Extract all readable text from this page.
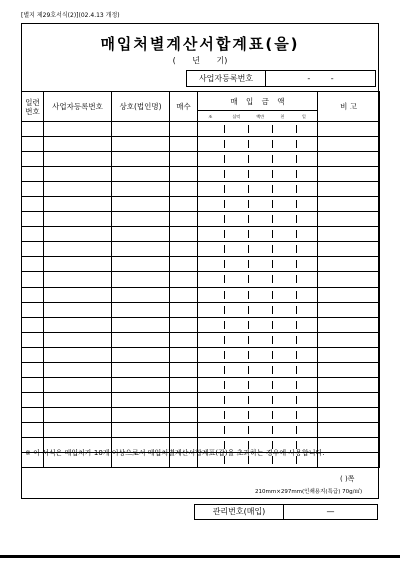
[별지 제29호서식(2)](02.4.13 개정)
매입처별계산서합계표(을)
( 년 기)
사업자등록번호	- -
일련
번호	사업자등록번호	상호(법인명)	매수	매 입 금 액	비 고

				조 십억 백만 천 일	

※ 이 서식은 매입처가 10개 이상으로서 매입처별계산서합계표(갑)을 초과하는 경우에 사용합니다.
( )쪽
210mm×297mm(인쇄용지(특급) 70g/㎡)
관리번호(매입)	—
